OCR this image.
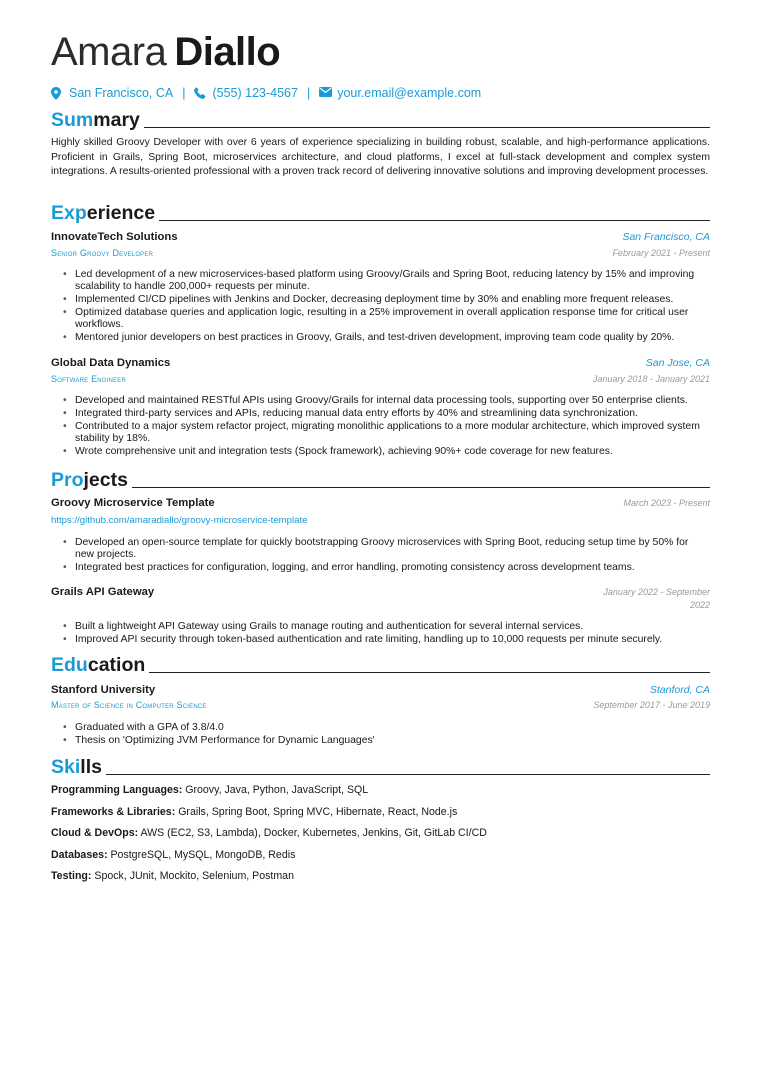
Amara Diallo
San Francisco, CA | (555) 123-4567 | your.email@example.com
Summary
Highly skilled Groovy Developer with over 6 years of experience specializing in building robust, scalable, and high-performance applications. Proficient in Grails, Spring Boot, microservices architecture, and cloud platforms, I excel at full-stack development and complex system integrations. A results-oriented professional with a proven track record of delivering innovative solutions and improving development processes.
Experience
InnovateTech Solutions	San Francisco, CA
Senior Groovy Developer	February 2021 - Present
• Led development of a new microservices-based platform using Groovy/Grails and Spring Boot, reducing latency by 15% and improving scalability to handle 200,000+ requests per minute.
• Implemented CI/CD pipelines with Jenkins and Docker, decreasing deployment time by 30% and enabling more frequent releases.
• Optimized database queries and application logic, resulting in a 25% improvement in overall application response time for critical user workflows.
• Mentored junior developers on best practices in Groovy, Grails, and test-driven development, improving team code quality by 20%.
Global Data Dynamics	San Jose, CA
Software Engineer	January 2018 - January 2021
• Developed and maintained RESTful APIs using Groovy/Grails for internal data processing tools, supporting over 50 enterprise clients.
• Integrated third-party services and APIs, reducing manual data entry efforts by 40% and streamlining data synchronization.
• Contributed to a major system refactor project, migrating monolithic applications to a more modular architecture, which improved system stability by 18%.
• Wrote comprehensive unit and integration tests (Spock framework), achieving 90%+ code coverage for new features.
Projects
Groovy Microservice Template	March 2023 - Present
https://github.com/amaradiallo/groovy-microservice-template
• Developed an open-source template for quickly bootstrapping Groovy microservices with Spring Boot, reducing setup time by 50% for new projects.
• Integrated best practices for configuration, logging, and error handling, promoting consistency across development teams.
Grails API Gateway	January 2022 - September 2022
• Built a lightweight API Gateway using Grails to manage routing and authentication for several internal services.
• Improved API security through token-based authentication and rate limiting, handling up to 10,000 requests per minute securely.
Education
Stanford University	Stanford, CA
Master of Science in Computer Science	September 2017 - June 2019
• Graduated with a GPA of 3.8/4.0
• Thesis on 'Optimizing JVM Performance for Dynamic Languages'
Skills
Programming Languages: Groovy, Java, Python, JavaScript, SQL
Frameworks & Libraries: Grails, Spring Boot, Spring MVC, Hibernate, React, Node.js
Cloud & DevOps: AWS (EC2, S3, Lambda), Docker, Kubernetes, Jenkins, Git, GitLab CI/CD
Databases: PostgreSQL, MySQL, MongoDB, Redis
Testing: Spock, JUnit, Mockito, Selenium, Postman
